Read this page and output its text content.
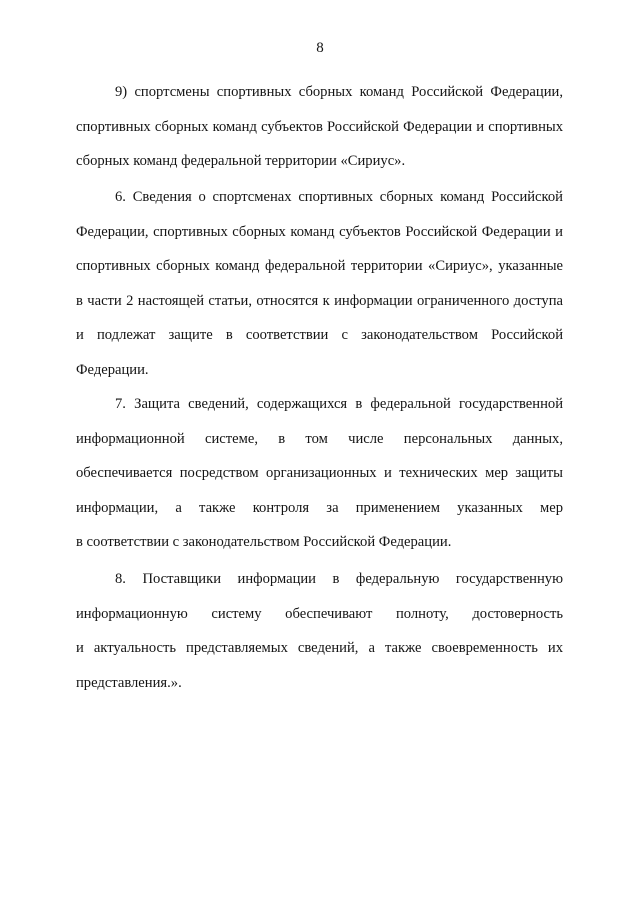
8
9) спортсмены спортивных сборных команд Российской Федерации,
спортивных сборных команд субъектов Российской Федерации и спортивных
сборных команд федеральной территории «Сириус».
6. Сведения о спортсменах спортивных сборных команд Российской
Федерации, спортивных сборных команд субъектов Российской Федерации и
спортивных сборных команд федеральной территории «Сириус», указанные
в части 2 настоящей статьи, относятся к информации ограниченного доступа
и подлежат защите в соответствии с законодательством Российской
Федерации.
7. Защита сведений, содержащихся в федеральной государственной
информационной системе, в том числе персональных данных,
обеспечивается посредством организационных и технических мер защиты
информации, а также контроля за применением указанных мер
в соответствии с законодательством Российской Федерации.
8. Поставщики информации в федеральную государственную
информационную систему обеспечивают полноту, достоверность
и актуальность представляемых сведений, а также своевременность их
представления.».
